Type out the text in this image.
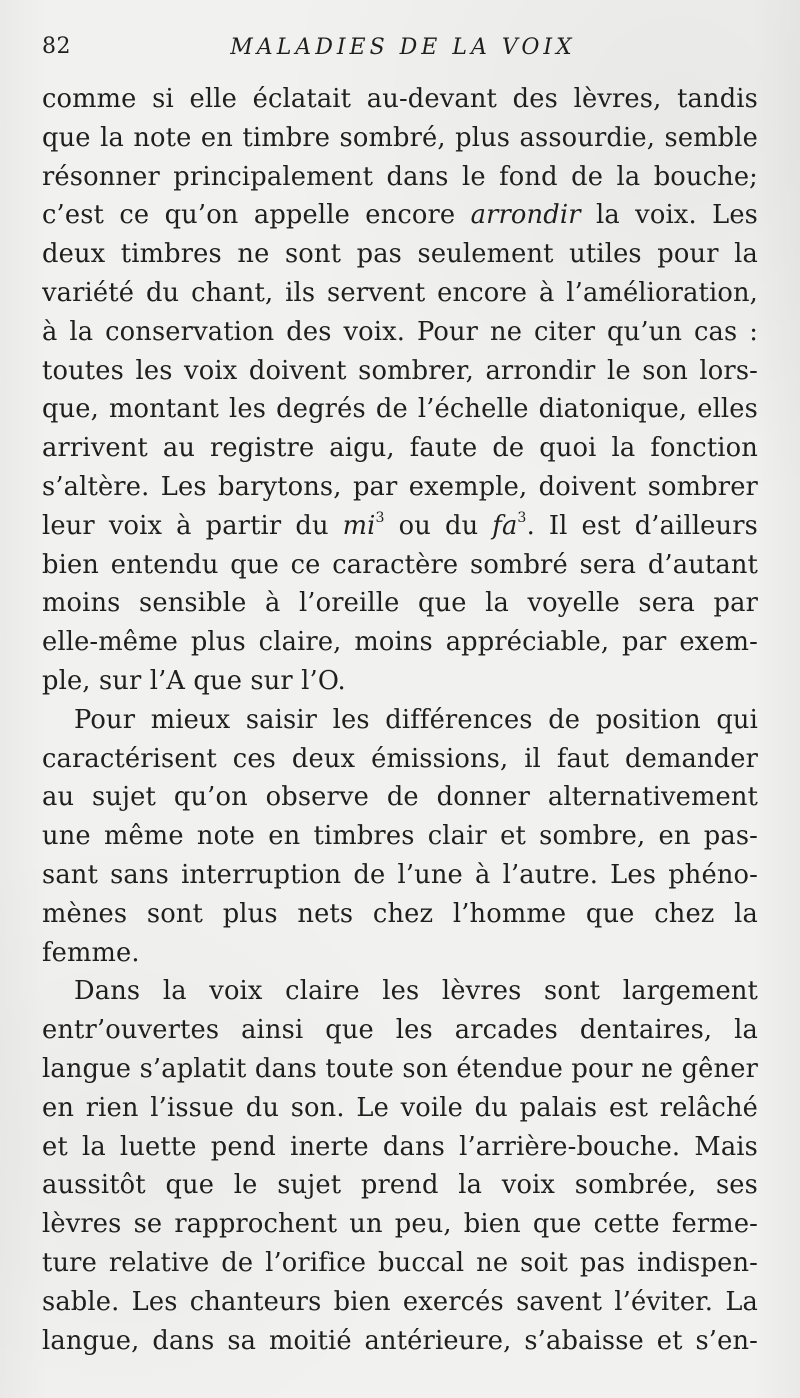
82	MALADIES DE LA VOIX
comme si elle éclatait au-devant des lèvres, tandis
que la note en timbre sombré, plus assourdie, semble
résonner principalement dans le fond de la bouche;
c’est ce qu’on appelle encore arrondir la voix. Les
deux timbres ne sont pas seulement utiles pour la
variété du chant, ils servent encore à l’amélioration,
à la conservation des voix. Pour ne citer qu’un cas :
toutes les voix doivent sombrer, arrondir le son lors-
que, montant les degrés de l’échelle diatonique, elles
arrivent au registre aigu, faute de quoi la fonction
s’altère. Les barytons, par exemple, doivent sombrer
leur voix à partir du $mi^3$ ou du $fa^3$. Il est d’ailleurs
bien entendu que ce caractère sombré sera d’autant
moins sensible à l’oreille que la voyelle sera par
elle-même plus claire, moins appréciable, par exem-
ple, sur l’A que sur l’O.
Pour mieux saisir les différences de position qui
caractérisent ces deux émissions, il faut demander
au sujet qu’on observe de donner alternativement
une même note en timbres clair et sombre, en pas-
sant sans interruption de l’une à l’autre. Les phéno-
mènes sont plus nets chez l’homme que chez la
femme.
Dans la voix claire les lèvres sont largement
entr’ouvertes ainsi que les arcades dentaires, la
langue s’aplatit dans toute son étendue pour ne gêner
en rien l’issue du son. Le voile du palais est relâché
et la luette pend inerte dans l’arrière-bouche. Mais
aussitôt que le sujet prend la voix sombrée, ses
lèvres se rapprochent un peu, bien que cette ferme-
ture relative de l’orifice buccal ne soit pas indispen-
sable. Les chanteurs bien exercés savent l’éviter. La
langue, dans sa moitié antérieure, s’abaisse et s’en-
